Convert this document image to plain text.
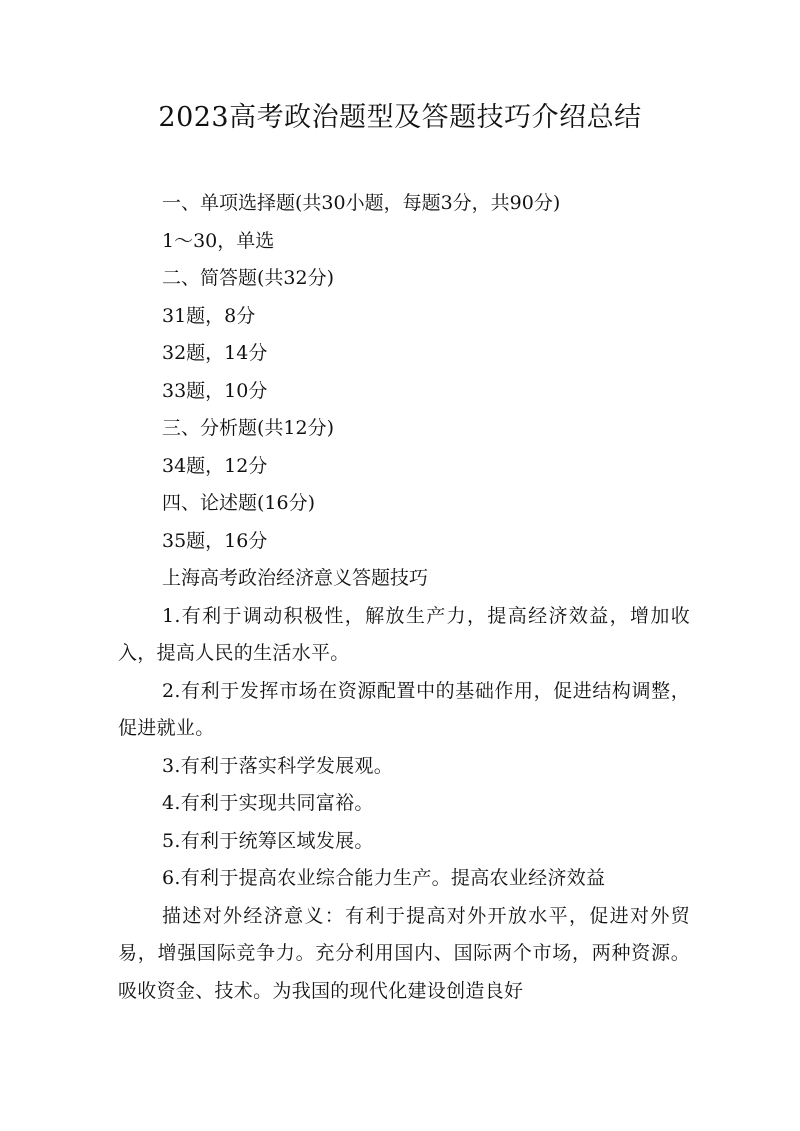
2023高考政治题型及答题技巧介绍总结

一、单项选择题(共30小题，每题3分，共90分)

1～30，单选

二、简答题(共32分)

31题，8分

32题，14分

33题，10分

三、分析题(共12分)

34题，12分

四、论述题(16分)

35题，16分

上海高考政治经济意义答题技巧

1.有利于调动积极性，解放生产力，提高经济效益，增加收入，提高人民的生活水平。

2.有利于发挥市场在资源配置中的基础作用，促进结构调整，促进就业。

3.有利于落实科学发展观。

4.有利于实现共同富裕。

5.有利于统筹区域发展。

6.有利于提高农业综合能力生产。提高农业经济效益

描述对外经济意义：有利于提高对外开放水平，促进对外贸易，增强国际竞争力。充分利用国内、国际两个市场，两种资源。吸收资金、技术。为我国的现代化建设创造良好
